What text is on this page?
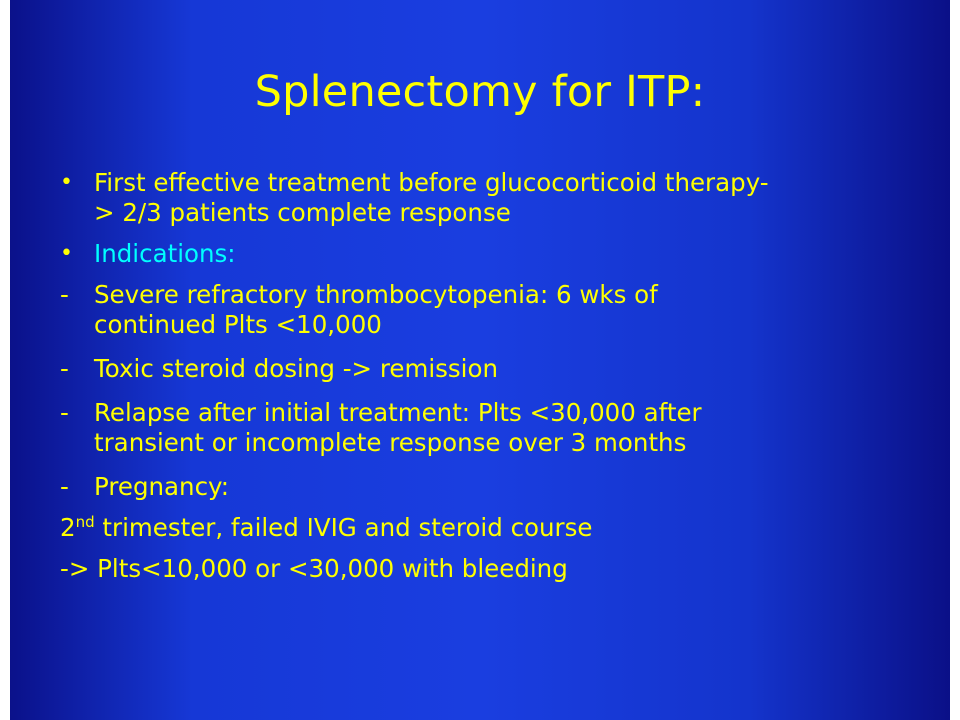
Splenectomy for ITP:
• First effective treatment before glucocorticoid therapy-
> 2/3 patients complete response
• Indications:
- Severe refractory thrombocytopenia: 6 wks of
continued Plts <10,000
- Toxic steroid dosing -> remission
- Relapse after initial treatment: Plts <30,000 after
transient or incomplete response over 3 months
- Pregnancy:
2nd trimester, failed IVIG and steroid course
-> Plts<10,000 or <30,000 with bleeding
